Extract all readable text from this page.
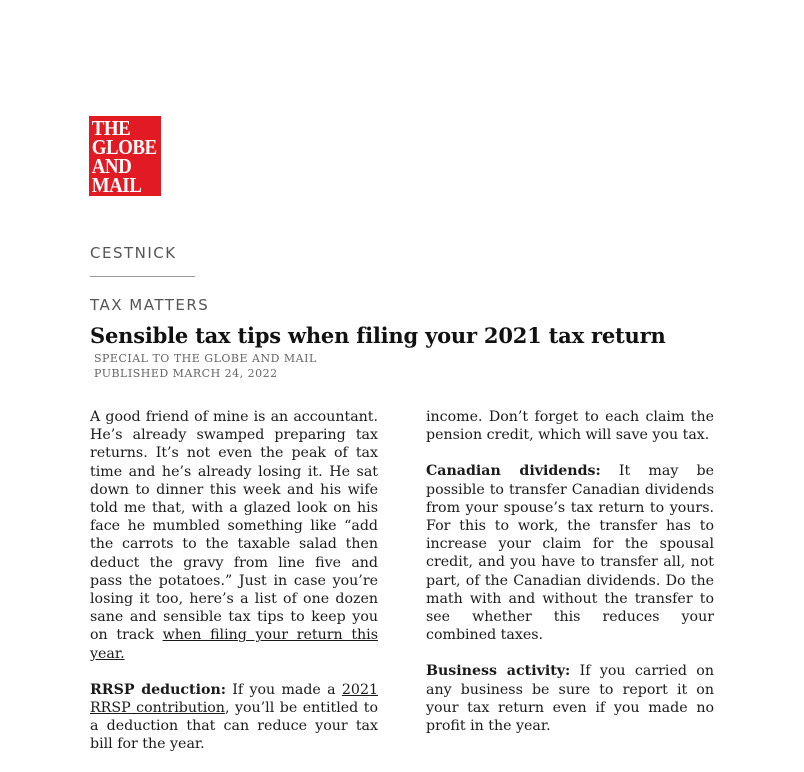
THE
GLOBE
AND
MAIL
✱
CESTNICK
TAX MATTERS
Sensible tax tips when filing your 2021 tax return
SPECIAL TO THE GLOBE AND MAIL
PUBLISHED MARCH 24, 2022

A good friend of mine is an accountant. He’s already swamped preparing tax returns. It’s not even the peak of tax time and he’s already losing it. He sat down to dinner this week and his wife told me that, with a glazed look on his face he mumbled something like “add the carrots to the taxable salad then deduct the gravy from line five and pass the potatoes.” Just in case you’re losing it too, here’s a list of one dozen sane and sensible tax tips to keep you on track when filing your return this year.

RRSP deduction: If you made a 2021 RRSP contribution, you’ll be entitled to a deduction that can reduce your tax bill for the year.

income. Don’t forget to each claim the pension credit, which will save you tax.

Canadian dividends: It may be possible to transfer Canadian dividends from your spouse’s tax return to yours. For this to work, the transfer has to increase your claim for the spousal credit, and you have to transfer all, not part, of the Canadian dividends. Do the math with and without the transfer to see whether this reduces your combined taxes.

Business activity: If you carried on any business be sure to report it on your tax return even if you made no profit in the year.
